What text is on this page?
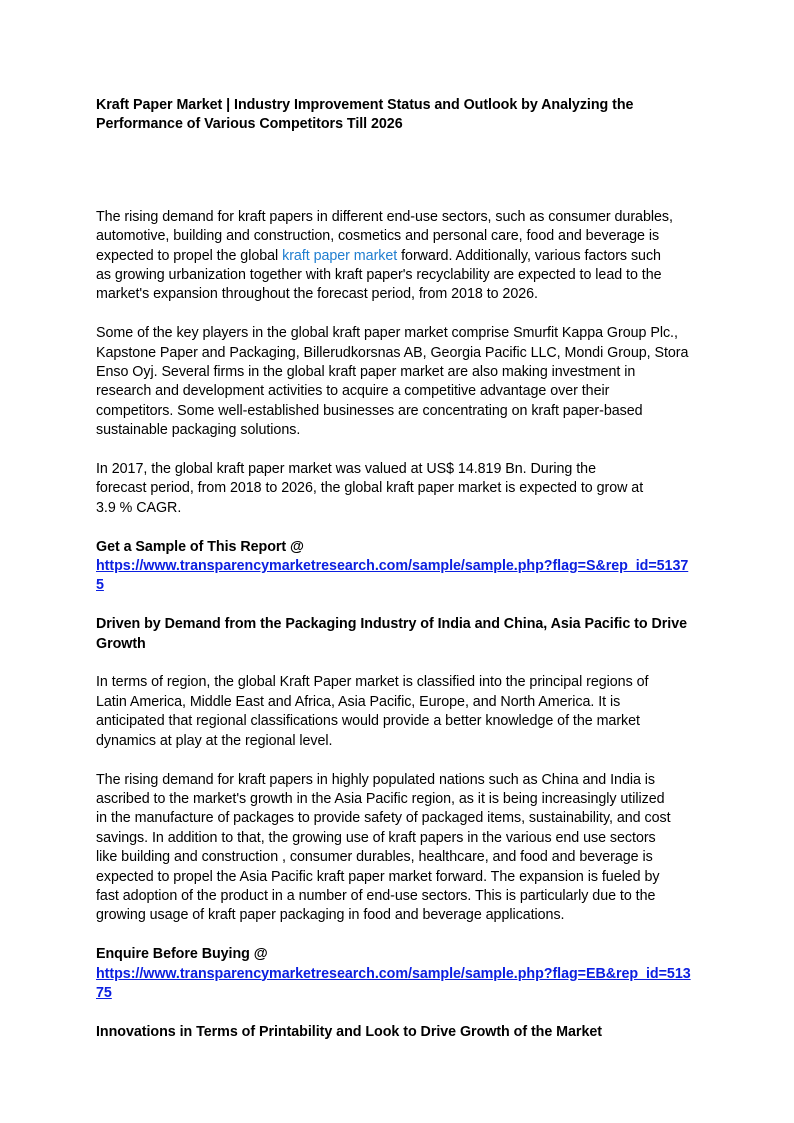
Kraft Paper Market | Industry Improvement Status and Outlook by Analyzing the
Performance of Various Competitors Till 2026

The rising demand for kraft papers in different end-use sectors, such as consumer durables,
automotive, building and construction, cosmetics and personal care, food and beverage is
expected to propel the global kraft paper market forward. Additionally, various factors such
as growing urbanization together with kraft paper's recyclability are expected to lead to the
market's expansion throughout the forecast period, from 2018 to 2026.

Some of the key players in the global kraft paper market comprise Smurfit Kappa Group Plc.,
Kapstone Paper and Packaging, Billerudkorsnas AB, Georgia Pacific LLC, Mondi Group, Stora
Enso Oyj. Several firms in the global kraft paper market are also making investment in
research and development activities to acquire a competitive advantage over their
competitors. Some well-established businesses are concentrating on kraft paper-based
sustainable packaging solutions.

In 2017, the global kraft paper market was valued at US$ 14.819 Bn. During the
forecast period, from 2018 to 2026, the global kraft paper market is expected to grow at
3.9 % CAGR.

Get a Sample of This Report @
https://www.transparencymarketresearch.com/sample/sample.php?flag=S&rep_id=5137
5
Driven by Demand from the Packaging Industry of India and China, Asia Pacific to Drive
Growth

In terms of region, the global Kraft Paper market is classified into the principal regions of
Latin America, Middle East and Africa, Asia Pacific, Europe, and North America. It is
anticipated that regional classifications would provide a better knowledge of the market
dynamics at play at the regional level.

The rising demand for kraft papers in highly populated nations such as China and India is
ascribed to the market's growth in the Asia Pacific region, as it is being increasingly utilized
in the manufacture of packages to provide safety of packaged items, sustainability, and cost
savings. In addition to that, the growing use of kraft papers in the various end use sectors
like building and construction , consumer durables, healthcare, and food and beverage is
expected to propel the Asia Pacific kraft paper market forward. The expansion is fueled by
fast adoption of the product in a number of end-use sectors. This is particularly due to the
growing usage of kraft paper packaging in food and beverage applications.

Enquire Before Buying @
https://www.transparencymarketresearch.com/sample/sample.php?flag=EB&rep_id=513
75
Innovations in Terms of Printability and Look to Drive Growth of the Market
